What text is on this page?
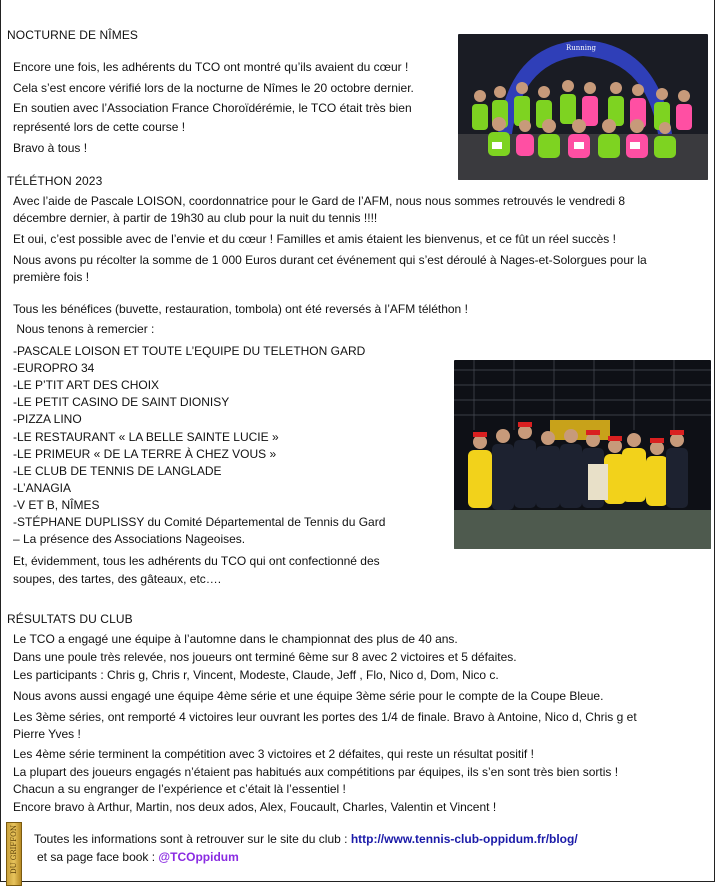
NOCTURNE DE NÎMES
Encore une fois, les adhérents du TCO ont montré qu’ils avaient du cœur !
Cela s’est encore vérifié lors de la nocturne de Nîmes le 20 octobre dernier.
En soutien avec l’Association France Choroïdérémie, le TCO était très bien
représenté lors de cette course !
Bravo à tous !
Running
TÉLÉTHON 2023
Avec l’aide de Pascale LOISON, coordonnatrice pour le Gard de l’AFM, nous nous sommes retrouvés le vendredi 8
décembre dernier, à partir de 19h30 au club pour la nuit du tennis !!!!
Et oui, c’est possible avec de l’envie et du cœur ! Familles et amis étaient les bienvenus, et ce fût un réel succès !
Nous avons pu récolter la somme de 1 000 Euros durant cet événement qui s’est déroulé à Nages-et-Solorgues pour la
première fois !
Tous les bénéfices (buvette, restauration, tombola) ont été reversés à l’AFM téléthon !
Nous tenons à remercier :
-PASCALE LOISON ET TOUTE L’EQUIPE DU TELETHON GARD
-EUROPRO 34
-LE P’TIT ART DES CHOIX
-LE PETIT CASINO DE SAINT DIONISY
-PIZZA LINO
-LE RESTAURANT « LA BELLE SAINTE LUCIE »
-LE PRIMEUR « DE LA TERRE À CHEZ VOUS »
-LE CLUB DE TENNIS DE LANGLADE
-L’ANAGIA
-V ET B, NÎMES
-STÉPHANE DUPLISSY du Comité Départemental de Tennis du Gard
– La présence des Associations Nageoises.
Et, évidemment, tous les adhérents du TCO qui ont confectionné des
soupes, des tartes, des gâteaux, etc….
RÉSULTATS DU CLUB
Le TCO a engagé une équipe à l’automne dans le championnat des plus de 40 ans.
Dans une poule très relevée, nos joueurs ont terminé 6ème sur 8 avec 2 victoires et 5 défaites.
Les participants : Chris g, Chris r, Vincent, Modeste, Claude, Jeff , Flo, Nico d, Dom, Nico c.
Nous avons aussi engagé une équipe 4ème série et une équipe 3ème série pour le compte de la Coupe Bleue.
Les 3ème séries, ont remporté 4 victoires leur ouvrant les portes des 1/4 de finale. Bravo à Antoine, Nico d, Chris g et
Pierre Yves !
Les 4ème série terminent la compétition avec 3 victoires et 2 défaites, qui reste un résultat positif !
La plupart des joueurs engagés n’étaient pas habitués aux compétitions par équipes, ils s’en sont très bien sortis !
Chacun a su engranger de l’expérience et c’était là l’essentiel !
Encore bravo à Arthur, Martin, nos deux ados, Alex, Foucault, Charles, Valentin et Vincent !
DU GRIFFON Toutes les informations sont à retrouver sur le site du club : http://www.tennis-club-oppidum.fr/blog/
et sa page face book : @TCOppidum
